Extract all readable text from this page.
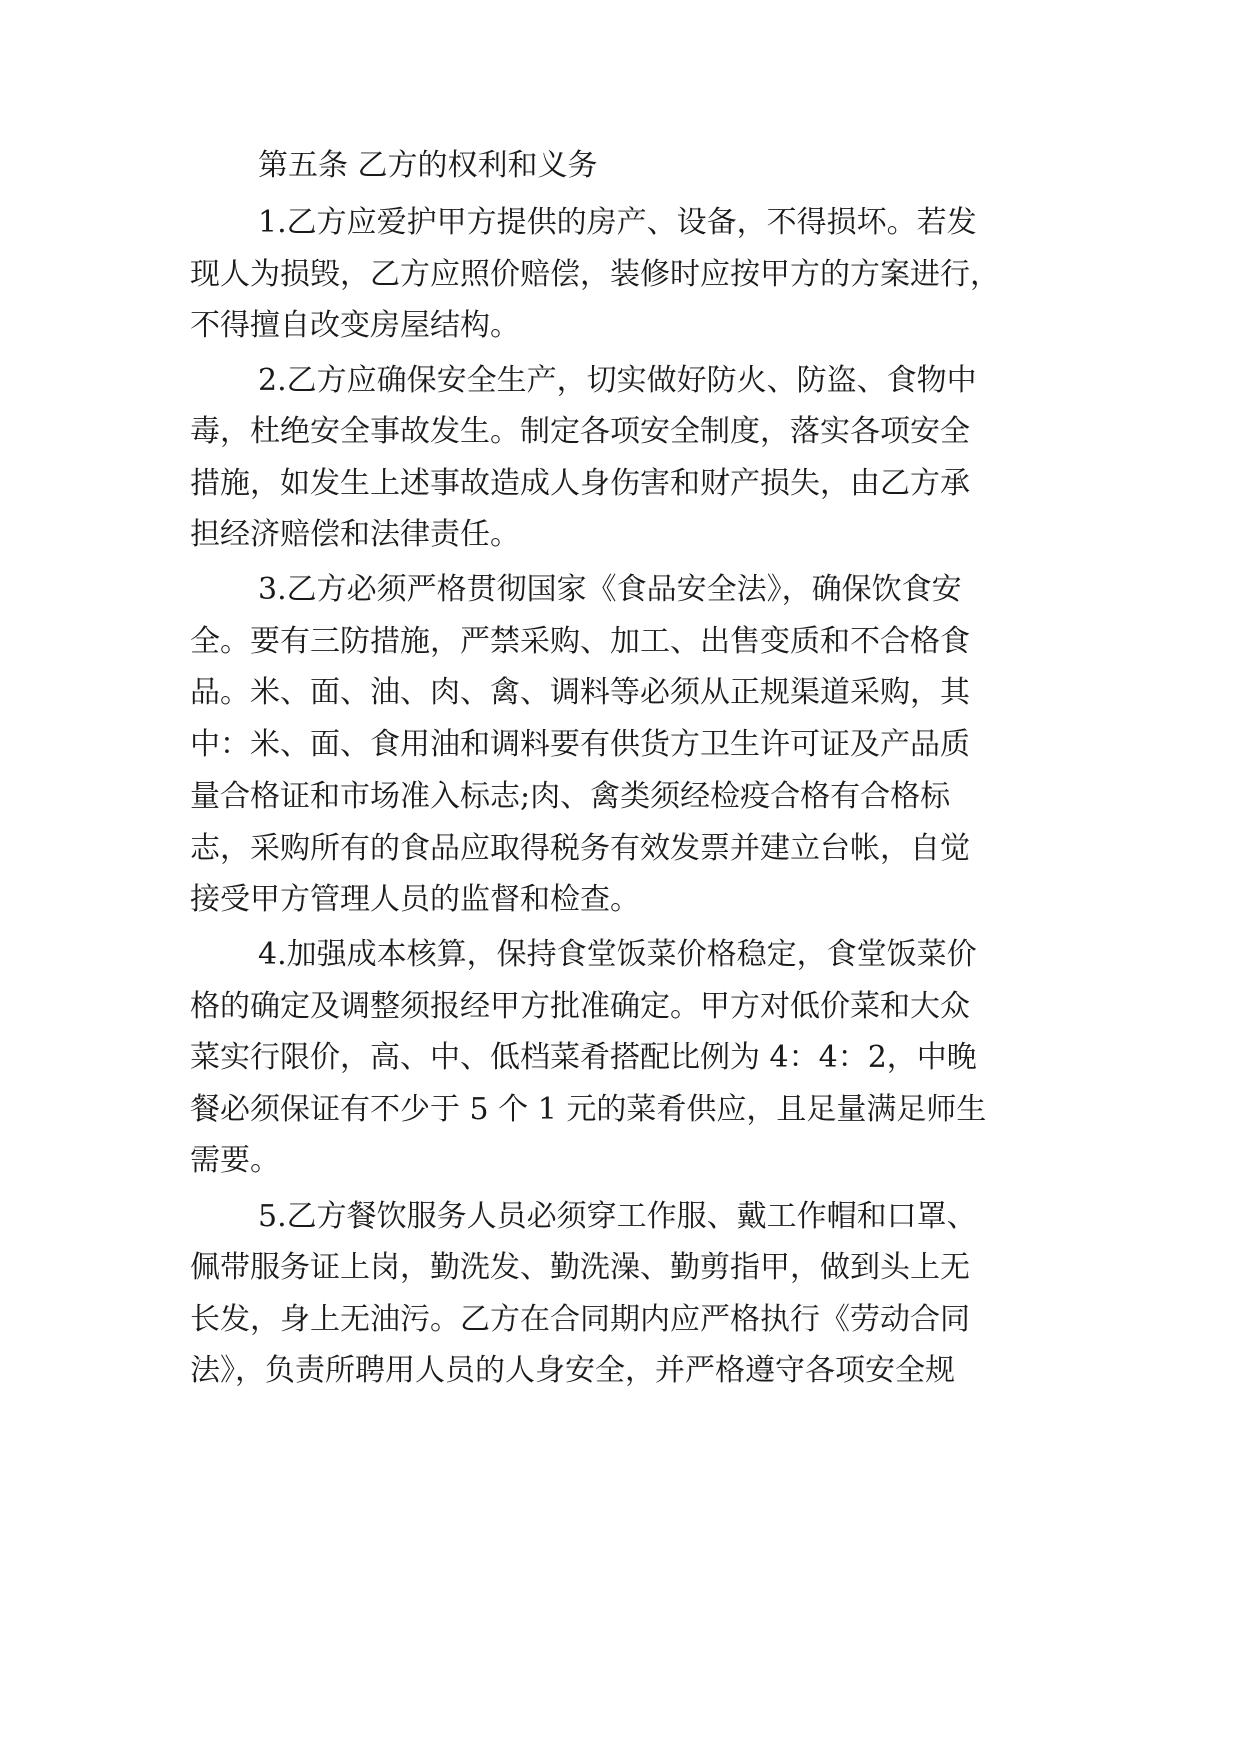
第五条 乙方的权利和义务
1.乙方应爱护甲方提供的房产、设备，不得损坏。若发
现人为损毁，乙方应照价赔偿，装修时应按甲方的方案进行，
不得擅自改变房屋结构。
2.乙方应确保安全生产，切实做好防火、防盗、食物中
毒，杜绝安全事故发生。制定各项安全制度，落实各项安全
措施，如发生上述事故造成人身伤害和财产损失，由乙方承
担经济赔偿和法律责任。
3.乙方必须严格贯彻国家《食品安全法》，确保饮食安
全。要有三防措施，严禁采购、加工、出售变质和不合格食
品。米、面、油、肉、禽、调料等必须从正规渠道采购，其
中：米、面、食用油和调料要有供货方卫生许可证及产品质
量合格证和市场准入标志;肉、禽类须经检疫合格有合格标
志，采购所有的食品应取得税务有效发票并建立台帐，自觉
接受甲方管理人员的监督和检查。
4.加强成本核算，保持食堂饭菜价格稳定，食堂饭菜价
格的确定及调整须报经甲方批准确定。甲方对低价菜和大众
菜实行限价，高、中、低档菜肴搭配比例为 4：4：2，中晚
餐必须保证有不少于 5 个 1 元的菜肴供应，且足量满足师生
需要。
5.乙方餐饮服务人员必须穿工作服、戴工作帽和口罩、
佩带服务证上岗，勤洗发、勤洗澡、勤剪指甲，做到头上无
长发，身上无油污。乙方在合同期内应严格执行《劳动合同
法》，负责所聘用人员的人身安全，并严格遵守各项安全规
